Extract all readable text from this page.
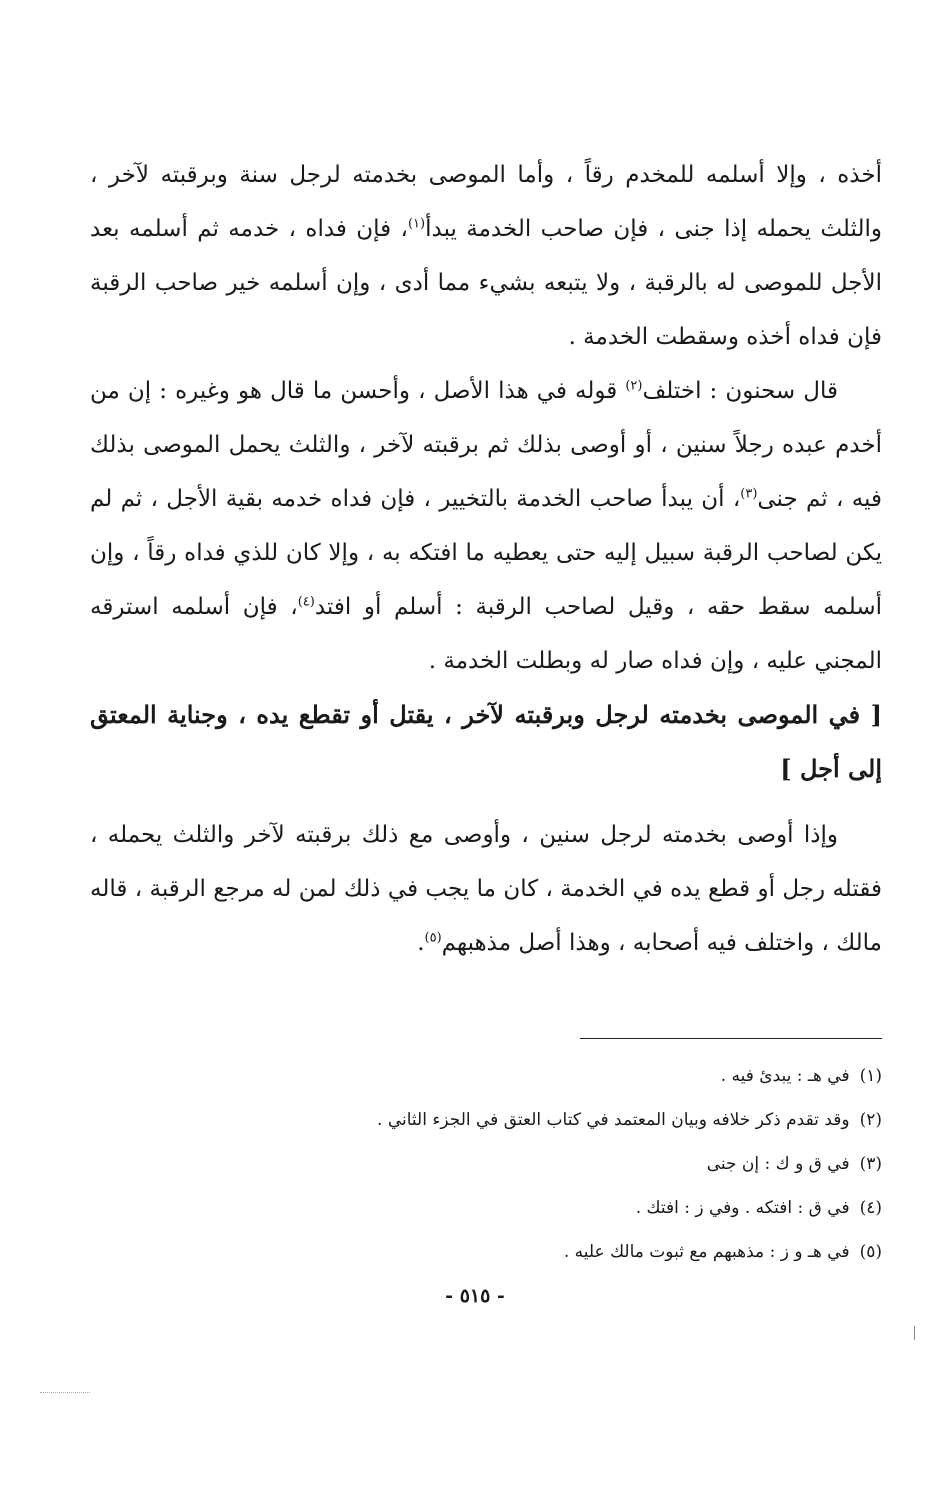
أخذه ، وإلا أسلمه للمخدم رقاً ، وأما الموصى بخدمته لرجل سنة وبرقبته لآخر ، والثلث يحمله إذا جنى ، فإن صاحب الخدمة يبدأ$^{(١)}$، فإن فداه ، خدمه ثم أسلمه بعد الأجل للموصى له بالرقبة ، ولا يتبعه بشيء مما أدى ، وإن أسلمه خير صاحب الرقبة فإن فداه أخذه وسقطت الخدمة .

قال سحنون : اختلف$^{(٢)}$ قوله في هذا الأصل ، وأحسن ما قال هو وغيره : إن من أخدم عبده رجلاً سنين ، أو أوصى بذلك ثم برقبته لآخر ، والثلث يحمل الموصى بذلك فيه ، ثم جنى$^{(٣)}$، أن يبدأ صاحب الخدمة بالتخيير ، فإن فداه خدمه بقية الأجل ، ثم لم يكن لصاحب الرقبة سبيل إليه حتى يعطيه ما افتكه به ، وإلا كان للذي فداه رقاً ، وإن أسلمه سقط حقه ، وقيل لصاحب الرقبة : أسلم أو افتد$^{(٤)}$، فإن أسلمه استرقه المجني عليه ، وإن فداه صار له وبطلت الخدمة .

[ في الموصى بخدمته لرجل وبرقبته لآخر ، يقتل أو تقطع يده ، وجناية المعتق إلى أجل ]

وإذا أوصى بخدمته لرجل سنين ، وأوصى مع ذلك برقبته لآخر والثلث يحمله ، فقتله رجل أو قطع يده في الخدمة ، كان ما يجب في ذلك لمن له مرجع الرقبة ، قاله مالك ، واختلف فيه أصحابه ، وهذا أصل مذهبهم$^{(٥)}$.

(١)في هـ : يبدئ فيه .

(٢)وقد تقدم ذكر خلافه وبيان المعتمد في كتاب العتق في الجزء الثاني .

(٣)في ق و ك : إن جنى

(٤)في ق : افتكه . وفي ز : افتك .

(٥)في هـ و ز : مذهبهم مع ثبوت مالك عليه .

- ٥١٥ -
